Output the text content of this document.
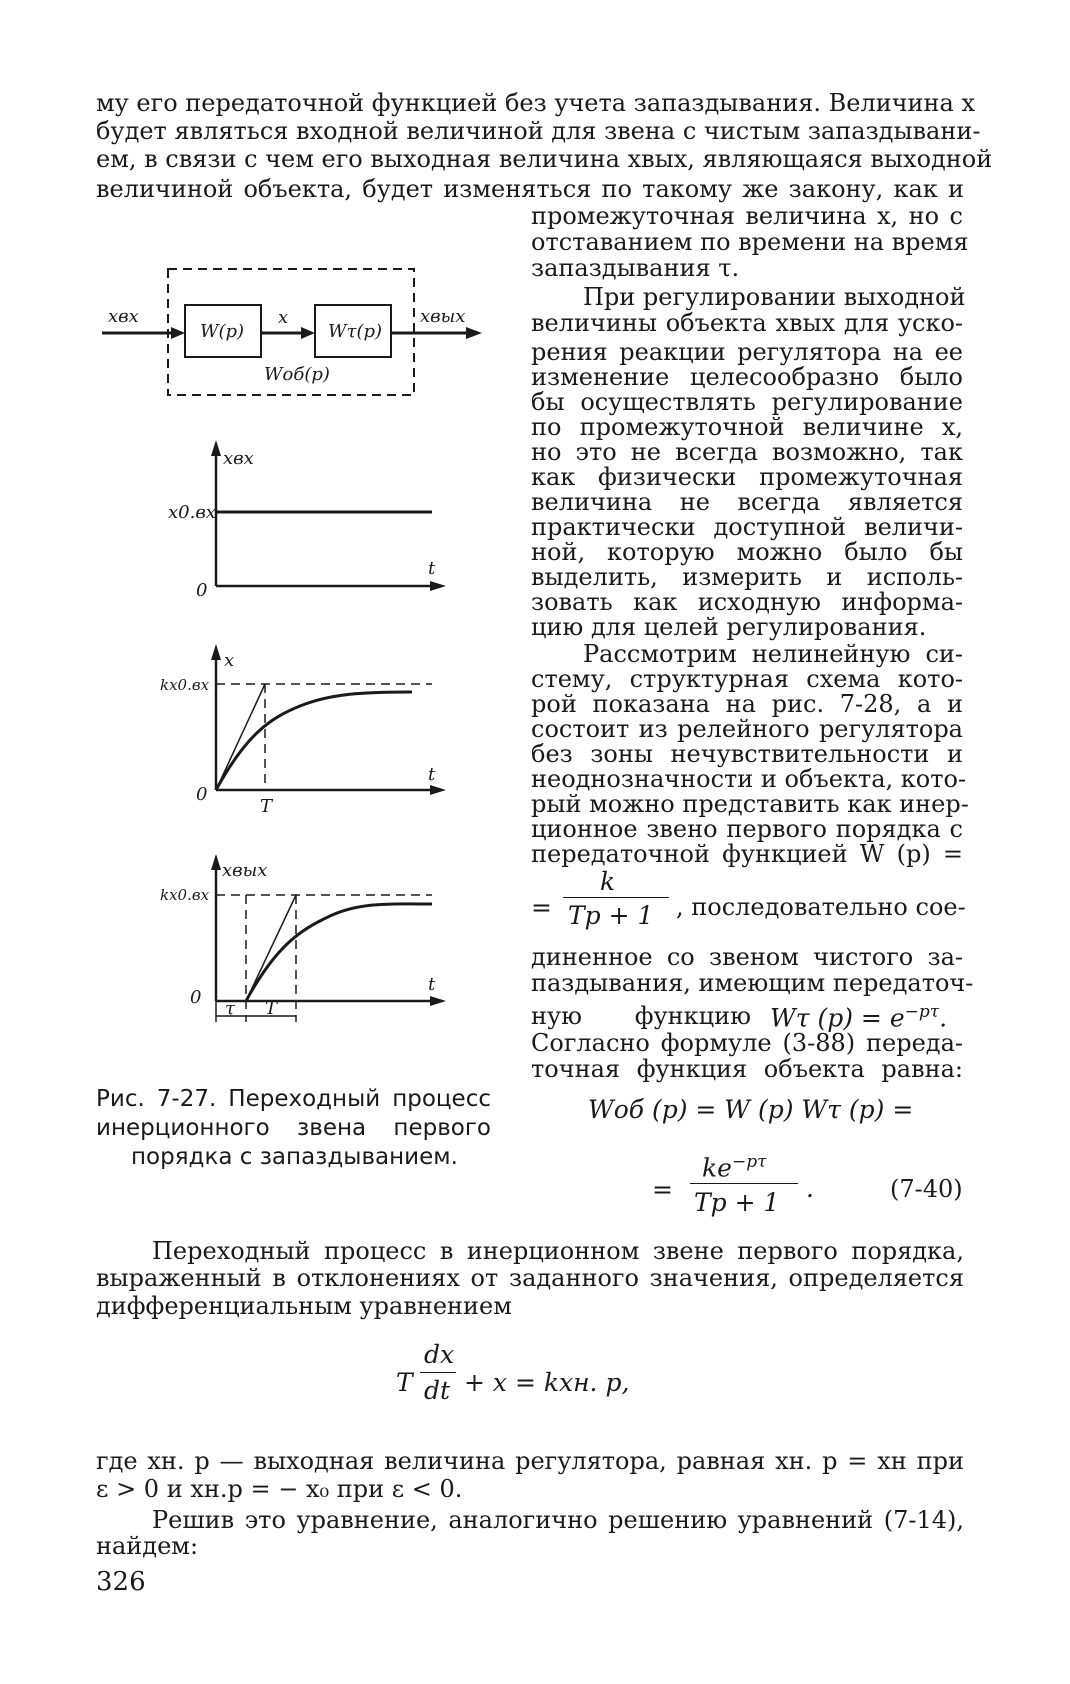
му его передаточной функцией без учета запаздывания. Величина x
будет являться входной величиной для звена с чистым запаздывани-
ем, в связи с чем его выходная величина xвых, являющаяся выходной
величиной объекта, будет изменяться по такому же закону, как и
промежуточная величина x, но с
отставанием по времени на время
запаздывания τ.
При регулировании выходной
величины объекта xвых для уско-
рения реакции регулятора на ее
изменение целесообразно было
бы осуществлять регулирование
по промежуточной величине x,
но это не всегда возможно, так
как физически промежуточная
величина не всегда является
практически доступной величи-
ной, которую можно было бы
выделить, измерить и исполь-
зовать как исходную информа-
цию для целей регулирования.
Рассмотрим нелинейную си-
стему, структурная схема кото-
рой показана на рис. 7-28, a и
состоит из релейного регулятора
без зоны нечувствительности и
неоднозначности и объекта, кото-
рый можно представить как инер-
ционное звено первого порядка с
передаточной функцией W (p) =
=
k
Tp + 1 , последовательно сое-
диненное со звеном чистого за-
паздывания, имеющим передаточ-
ную функцию Wτ $(p) = e^{-p\tau}$.
Согласно формуле (3-88) переда-
точная функция объекта равна:
Wоб (p) = W (p) Wτ (p) =
=
$ke^{-p\tau}$
Tp + 1 .	(7-40)
Рис. 7-27. Переходный процесс
инерционного звена первого
порядка с запаздыванием.
Переходный процесс в инерционном звене первого порядка,
выраженный в отклонениях от заданного значения, определяется
дифференциальным уравнением
T
dx
dt + x = kxн. р,
где xн. р — выходная величина регулятора, равная xн. р = xн при
ε > 0 и xн.р = − x₀ при ε < 0.
Решив это уравнение, аналогично решению уравнений (7-14),
найдем:
326
W(p)	Wτ(p)
Wоб(p)
xвх	x	xвых
xвх
x0.вх
t
0
x
kx0.вх
t
0
T
xвых
kx0.вх
t
0
τ T
